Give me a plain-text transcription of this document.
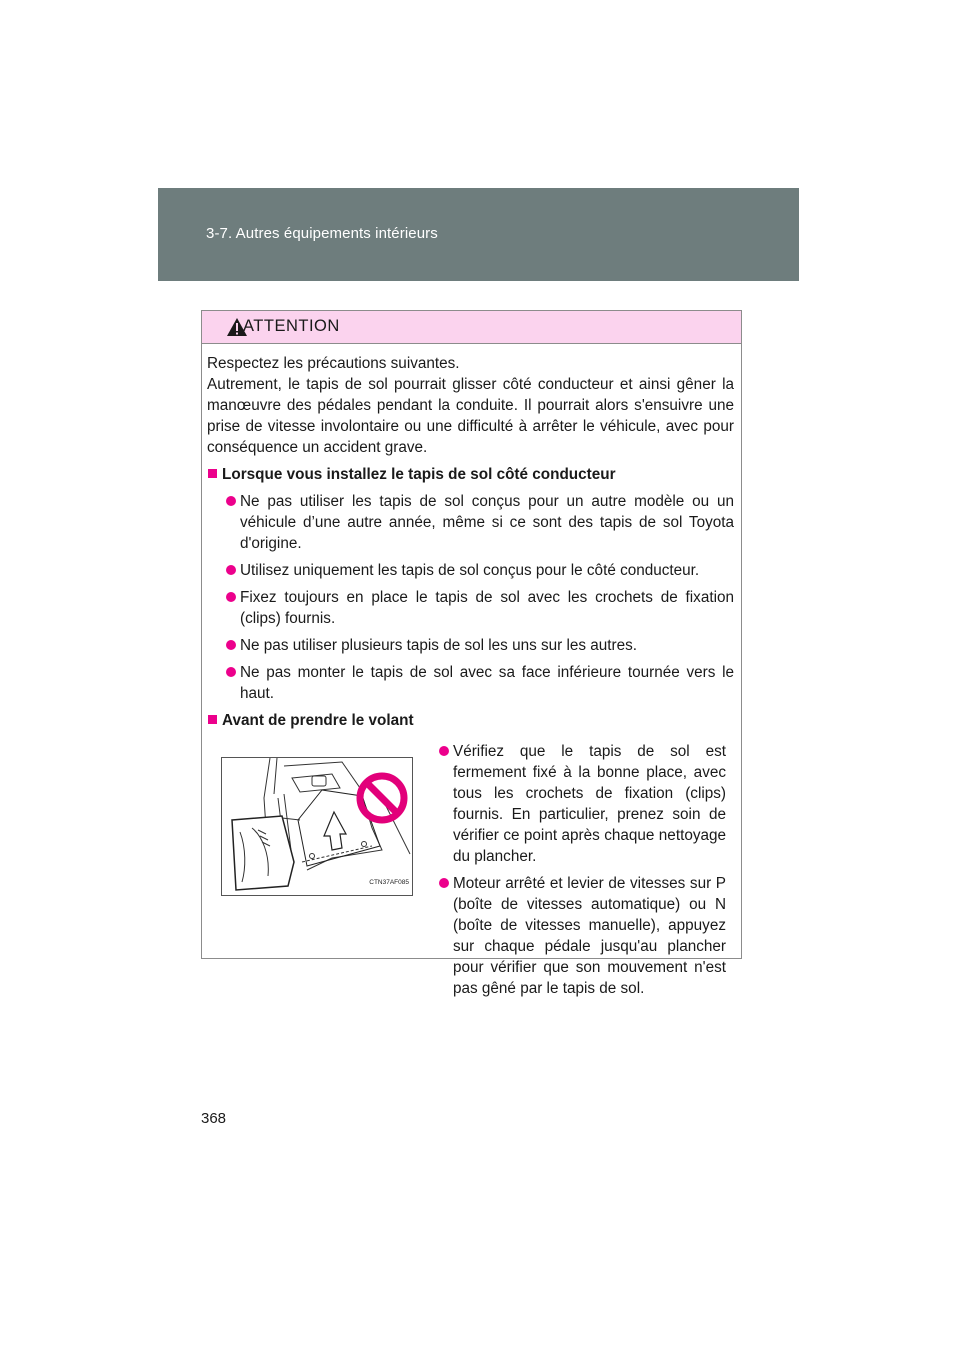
3-7. Autres équipements intérieurs
ATTENTION

Respectez les précautions suivantes.

Autrement, le tapis de sol pourrait glisser côté conducteur et ainsi gêner la manœuvre des pédales pendant la conduite. Il pourrait alors s'ensuivre une prise de vitesse involontaire ou une difficulté à arrêter le véhicule, avec pour conséquence un accident grave.

Lorsque vous installez le tapis de sol côté conducteur
Ne pas utiliser les tapis de sol conçus pour un autre modèle ou un véhicule d’une autre année, même si ce sont des tapis de sol Toyota d'origine.
Utilisez uniquement les tapis de sol conçus pour le côté conducteur.
Fixez toujours en place le tapis de sol avec les crochets de fixation (clips) fournis.
Ne pas utiliser plusieurs tapis de sol les uns sur les autres.
Ne pas monter le tapis de sol avec sa face inférieure tournée vers le haut.
Avant de prendre le volant
CTN37AF085
Vérifiez que le tapis de sol est fermement fixé à la bonne place, avec tous les crochets de fixation (clips) fournis. En particulier, prenez soin de vérifier ce point après chaque nettoyage du plancher.
Moteur arrêté et levier de vitesses sur P (boîte de vitesses automatique) ou N (boîte de vitesses manuelle), appuyez sur chaque pédale jusqu'au plancher pour vérifier que son mouvement n'est pas gêné par le tapis de sol.
368
